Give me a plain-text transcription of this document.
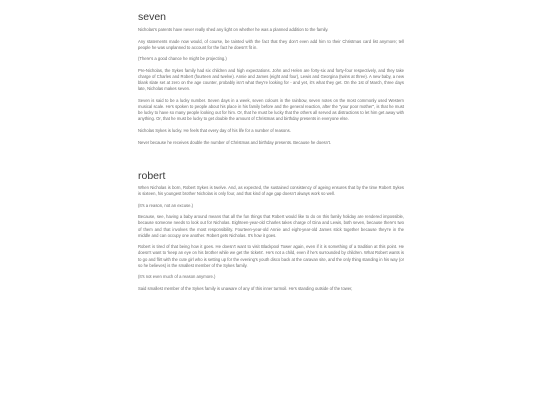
seven

Nicholas's parents have never really shed any light on whether he was a planned addition to the family.

Any statements made now would, of course, be tainted with the fact that they don't even add him to their Christmas card list anymore; tell people he was unplanned to account for the fact he doesn't fit in.

(There's a good chance he might be projecting.)

Pre-Nicholas, the Sykes family had six children and high expectations. John and Helen are forty-six and forty-four respectively, and they take charge of Charles and Robert (fourteen and twelve). Annie and James (eight and four), Lewis and Georgina (twins at three). A new baby, a new blank slate set at zero on the age counter, probably isn't what they're looking for - and yet, it's what they get. On the 1st of March, three days late, Nicholas makes seven.

Seven is said to be a lucky number. Seven days in a week, seven colours in the rainbow, seven notes on the most commonly used Western musical scale. He's spoken to people about his place in his family before and the general reaction, after the "your poor mother", is that he must be lucky to have so many people looking out for him. Or, that he must be lucky that the others all served as distractions to let him get away with anything. Or, that he must be lucky to get double the amount of Christmas and birthday presents in everyone else.

Nicholas Sykes is lucky. He feels that every day of his life for a number of reasons.

Never because he receives double the number of Christmas and birthday presents. Because he doesn't.

robert

When Nicholas is born, Robert Sykes is twelve. And, as expected, the sustained consistency of ageing ensures that by the time Robert Sykes is sixteen, his youngest brother Nicholas is only four, and that kind of age gap doesn't always work so well.

(It's a reason, not an excuse.)

Because, see, having a baby around means that all the fun things that Robert would like to do on this family holiday are rendered impossible, because someone needs to look out for Nicholas. Eighteen-year-old Charles takes charge of Gina and Lewis, both seven, because there's two of them and that involves the most responsibility. Fourteen-year-old Annie and eight-year-old James stick together because they're in the middle and can occupy one another. Robert gets Nicholas. It's how it goes.

Robert is tired of that being how it goes. He doesn't want to visit Blackpool Tower again, even if it is something of a tradition at this point. He doesn't want to 'keep an eye on his brother while we get the tickets'. He's not a child, even if he's surrounded by children. What Robert wants is to go and flirt with the cute girl who is setting up for the evening's youth disco back at the caravan site, and the only thing standing in his way (or so he believes) is the smallest member of the Sykes family.

(It's not even much of a reason anymore.)

Said smallest member of the Sykes family is unaware of any of this inner turmoil. He's standing outside of the tower,
